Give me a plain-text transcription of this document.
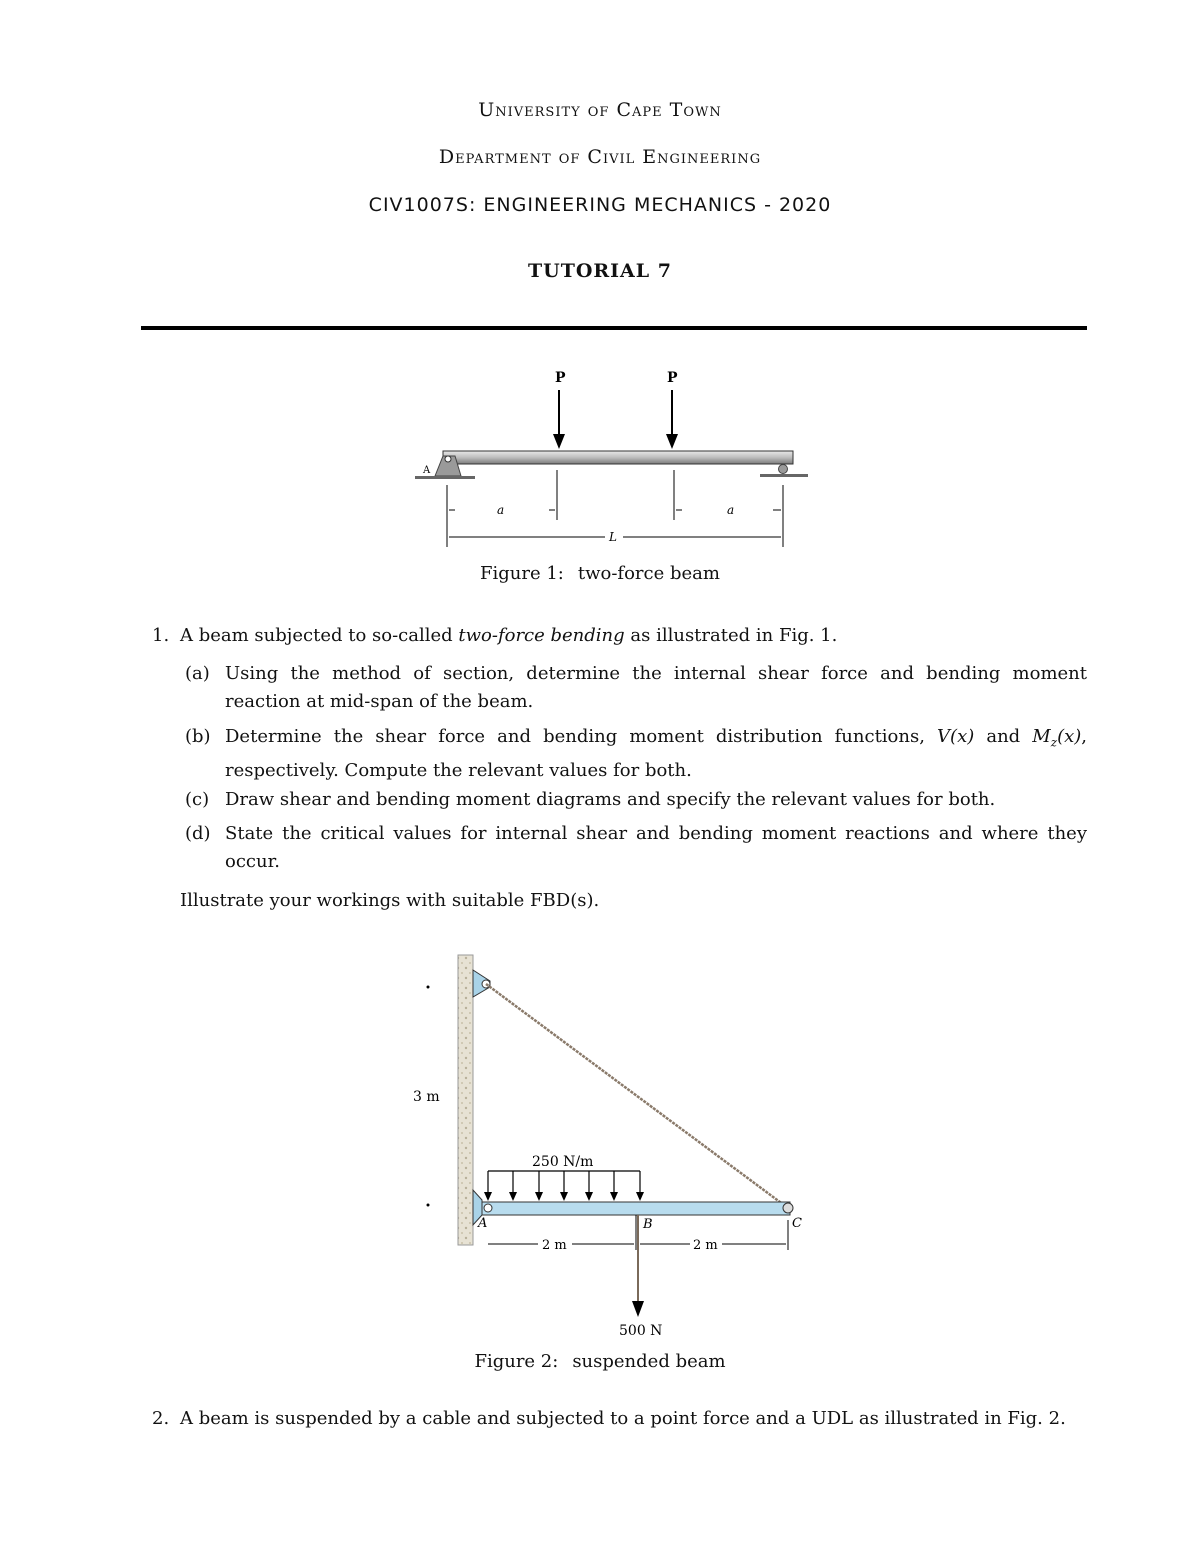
University of Cape Town
Department of Civil Engineering
CIV1007S: ENGINEERING MECHANICS - 2020
TUTORIAL 7
A
P	P
a	a
L
Figure 1: two-force beam
1. A beam subjected to so-called two-force bending as illustrated in Fig. 1.
(a) Using the method of section, determine the internal shear force and bending moment reaction at mid-span of the beam.
(b) Determine the shear force and bending moment distribution functions, V(x) and $M_z(x)$, respectively. Compute the relevant values for both.
(c) Draw shear and bending moment diagrams and specify the relevant values for both.
(d) State the critical values for internal shear and bending moment reactions and where they occur.
Illustrate your workings with suitable FBD(s).
250 N/m
500 N
A	B	C
2 m	2 m
3 m
Figure 2: suspended beam
2. A beam is suspended by a cable and subjected to a point force and a UDL as illustrated in Fig. 2.
